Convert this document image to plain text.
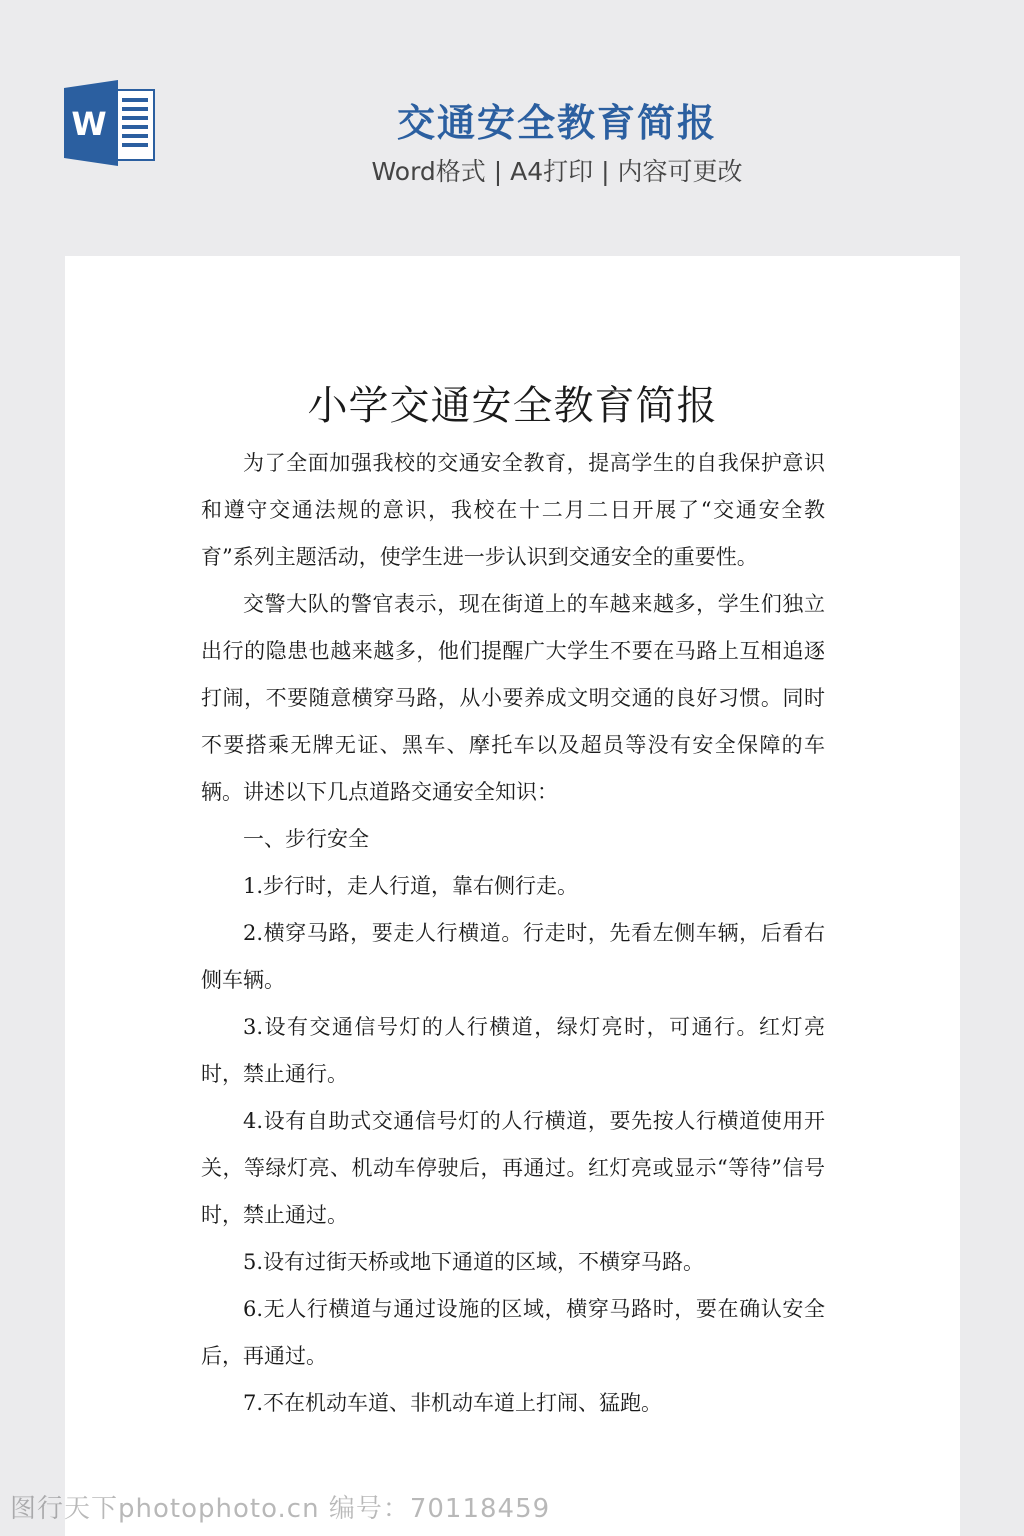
W	交通安全教育简报
Word格式 | A4打印 | 内容可更改
小学交通安全教育简报

为了全面加强我校的交通安全教育，提高学生的自我保护意识和遵守交通法规的意识，我校在十二月二日开展了“交通安全教育”系列主题活动，使学生进一步认识到交通安全的重要性。

交警大队的警官表示，现在街道上的车越来越多，学生们独立出行的隐患也越来越多，他们提醒广大学生不要在马路上互相追逐打闹，不要随意横穿马路，从小要养成文明交通的良好习惯。同时不要搭乘无牌无证、黑车、摩托车以及超员等没有安全保障的车辆。讲述以下几点道路交通安全知识：

一、步行安全

1.步行时，走人行道，靠右侧行走。

2.横穿马路，要走人行横道。行走时，先看左侧车辆，后看右侧车辆。

3.设有交通信号灯的人行横道，绿灯亮时，可通行。红灯亮时，禁止通行。

4.设有自助式交通信号灯的人行横道，要先按人行横道使用开关，等绿灯亮、机动车停驶后，再通过。红灯亮或显示“等待”信号时，禁止通过。

5.设有过街天桥或地下通道的区域，不横穿马路。

6.无人行横道与通过设施的区域，横穿马路时，要在确认安全后，再通过。

7.不在机动车道、非机动车道上打闹、猛跑。

图行天下photophoto.cn 编号：70118459
